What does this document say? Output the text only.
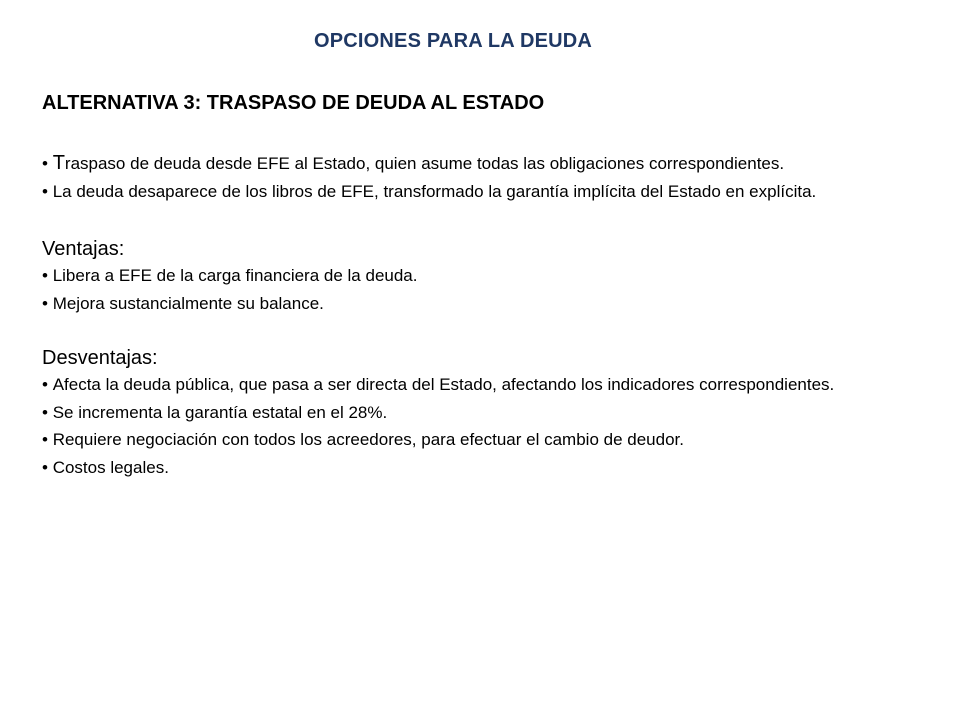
OPCIONES PARA LA DEUDA
ALTERNATIVA 3: TRASPASO DE DEUDA AL ESTADO

• Traspaso de deuda desde EFE al Estado, quien asume todas las obligaciones correspondientes.

• La deuda desaparece de los libros de EFE, transformado la garantía implícita del Estado en explícita.

Ventajas:

• Libera a EFE de la carga financiera de la deuda.

• Mejora sustancialmente su balance.

Desventajas:

• Afecta la deuda pública, que pasa a ser directa del Estado, afectando los indicadores correspondientes.

• Se incrementa la garantía estatal en el 28%.

• Requiere negociación con todos los acreedores, para efectuar el cambio de deudor.

• Costos legales.
